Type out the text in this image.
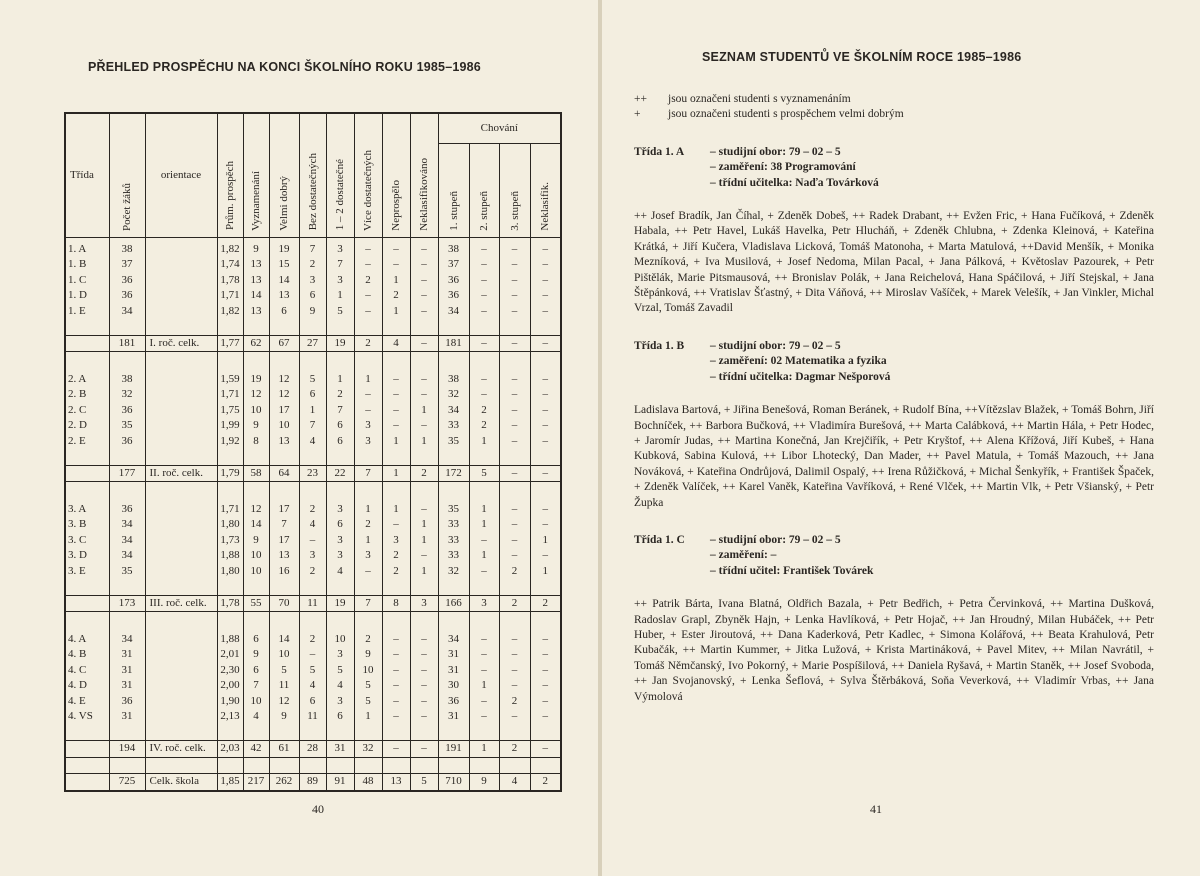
PŘEHLED PROSPĚCHU NA KONCI ŠKOLNÍHO ROKU 1985–1986
Třída	Počet žáků	orientace	Prům. prospěch	Vyznamenání	Velmi dobrý	Bez dostatečných	1 – 2 dostatečné	Více dostatečných	Neprospělo	Neklasifikováno	Chování			
											1. stupeň	2. stupeň	3. stupeň	Neklasifik.
1. A	38		1,82	9	19	7	3	–	–	–	38	–	–	–
1. B	37		1,74	13	15	2	7	–	–	–	37	–	–	–
1. C	36		1,78	13	14	3	3	2	1	–	36	–	–	–
1. D	36		1,71	14	13	6	1	–	2	–	36	–	–	–
1. E	34		1,82	13	6	9	5	–	1	–	34	–	–	–

	181	I. roč. celk.	1,77	62	67	27	19	2	4	–	181	–	–	–

2. A	38		1,59	19	12	5	1	1	–	–	38	–	–	–
2. B	32		1,71	12	12	6	2	–	–	–	32	–	–	–
2. C	36		1,75	10	17	1	7	–	–	1	34	2	–	–
2. D	35		1,99	9	10	7	6	3	–	–	33	2	–	–
2. E	36		1,92	8	13	4	6	3	1	1	35	1	–	–

	177	II. roč. celk.	1,79	58	64	23	22	7	1	2	172	5	–	–

3. A	36		1,71	12	17	2	3	1	1	–	35	1	–	–
3. B	34		1,80	14	7	4	6	2	–	1	33	1	–	–
3. C	34		1,73	9	17	–	3	1	3	1	33	–	–	1
3. D	34		1,88	10	13	3	3	3	2	–	33	1	–	–
3. E	35		1,80	10	16	2	4	–	2	1	32	–	2	1

	173	III. roč. celk.	1,78	55	70	11	19	7	8	3	166	3	2	2

4. A	34		1,88	6	14	2	10	2	–	–	34	–	–	–
4. B	31		2,01	9	10	–	3	9	–	–	31	–	–	–
4. C	31		2,30	6	5	5	5	10	–	–	31	–	–	–
4. D	31		2,00	7	11	4	4	5	–	–	30	1	–	–
4. E	36		1,90	10	12	6	3	5	–	–	36	–	2	–
4. VS	31		2,13	4	9	11	6	1	–	–	31	–	–	–

	194	IV. roč. celk.	2,03	42	61	28	31	32	–	–	191	1	2	–

	725	Celk. škola	1,85	217	262	89	91	48	13	5	710	9	4	2
40
SEZNAM STUDENTŮ VE ŠKOLNÍM ROCE 1985–1986
++	jsou označeni studenti s vyznamenáním
+	jsou označeni studenti s prospěchem velmi dobrým
Třída 1. A	– studijní obor: 79 – 02 – 5
– zaměření: 38 Programování
– třídní učitelka: Naďa Továrková
++ Josef Bradík, Jan Číhal, + Zdeněk Dobeš, ++ Radek Drabant, ++ Evžen Fric, + Hana Fučíková, + Zdeněk Habala, ++ Petr Havel, Lukáš Havelka, Petr Hlucháň, + Zdeněk Chlubna, + Zdenka Kleinová, + Kateřina Krátká, + Jiří Kučera, Vladislava Licková, Tomáš Matonoha, + Marta Matulová, ++David Menšík, + Monika Mezníková, + Iva Musilová, + Josef Nedoma, Milan Pacal, + Jana Pálková, + Květoslav Pazourek, + Petr Pištělák, Marie Pitsmausová, ++ Bronislav Polák, + Jana Reichelová, Hana Spáčilová, + Jiří Stejskal, + Jana Štěpánková, ++ Vratislav Šťastný, + Dita Váňová, ++ Miroslav Vašíček, + Marek Velešík, + Jan Vinkler, Michal Vrzal, Tomáš Zavadil
Třída 1. B	– studijní obor: 79 – 02 – 5
– zaměření: 02 Matematika a fyzika
– třídní učitelka: Dagmar Nešporová
Ladislava Bartová, + Jiřina Benešová, Roman Beránek, + Rudolf Bína, ++Vítězslav Blažek, + Tomáš Bohrn, Jiří Bochníček, ++ Barbora Bučková, ++ Vladimíra Burešová, ++ Marta Calábková, ++ Martin Hála, + Petr Hodec, + Jaromír Judas, ++ Martina Konečná, Jan Krejčiřík, + Petr Kryštof, ++ Alena Křížová, Jiří Kubeš, + Hana Kubková, Sabina Kulová, ++ Libor Lhotecký, Dan Mader, ++ Pavel Matula, + Tomáš Mazouch, ++ Jana Nováková, + Kateřina Ondrůjová, Dalimil Ospalý, ++ Irena Růžičková, + Michal Šenkyřík, + František Špaček, + Zdeněk Valíček, ++ Karel Vaněk, Kateřina Vavříková, + René Vlček, ++ Martin Vlk, + Petr Všianský, + Petr Župka
Třída 1. C	– studijní obor: 79 – 02 – 5
– zaměření: –
– třídní učitel: František Továrek
++ Patrik Bárta, Ivana Blatná, Oldřich Bazala, + Petr Bedřich, + Petra Červinková, ++ Martina Dušková, Radoslav Grapl, Zbyněk Hajn, + Lenka Havlíková, + Petr Hojač, ++ Jan Hroudný, Milan Hubáček, ++ Petr Huber, + Ester Jiroutová, ++ Dana Kaderková, Petr Kadlec, + Simona Kolářová, ++ Beata Krahulová, Petr Kubačák, ++ Martin Kummer, + Jitka Lužová, + Krista Martináková, + Pavel Mitev, ++ Milan Navrátil, + Tomáš Němčanský, Ivo Pokorný, + Marie Pospíšilová, ++ Daniela Ryšavá, + Martin Staněk, ++ Josef Svoboda, ++ Jan Svojanovský, + Lenka Šeflová, + Sylva Štěrbáková, Soňa Veverková, ++ Vladimír Vrbas, ++ Jana Výmolová
41
